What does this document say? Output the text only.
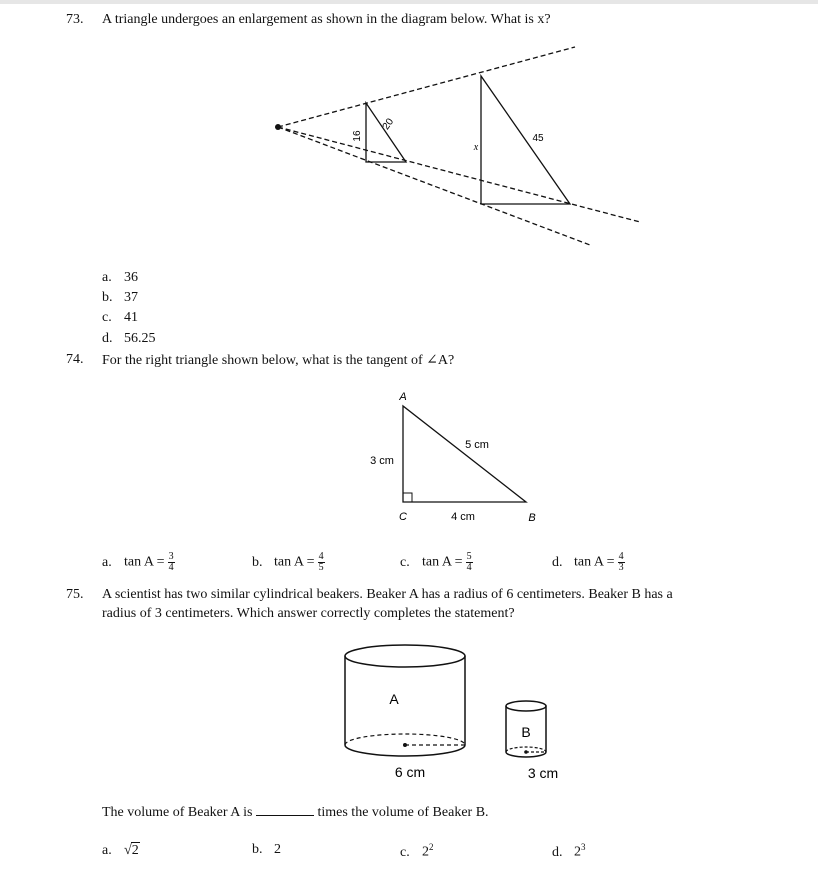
73. A triangle undergoes an enlargement as shown in the diagram below. What is x?
16
20
x
45
a. 36
b. 37
c. 41
d. 56.25
74. For the right triangle shown below, what is the tangent of ∠A?
A
C	B
3 cm
5 cm
4 cm
a. $\tan A = \frac{3}{4}$	b. $\tan A = \frac{4}{5}$	c. $\tan A = \frac{5}{4}$	d. $\tan A = \frac{4}{3}$
75. A scientist has two similar cylindrical beakers. Beaker A has a radius of 6 centimeters. Beaker B has a
radius of 3 centimeters. Which answer correctly completes the statement?
A
6 cm
B
3 cm
The volume of Beaker A is	times the volume of Beaker B.
a. √2	b. 2	c. $2^2$	d. $2^3$
